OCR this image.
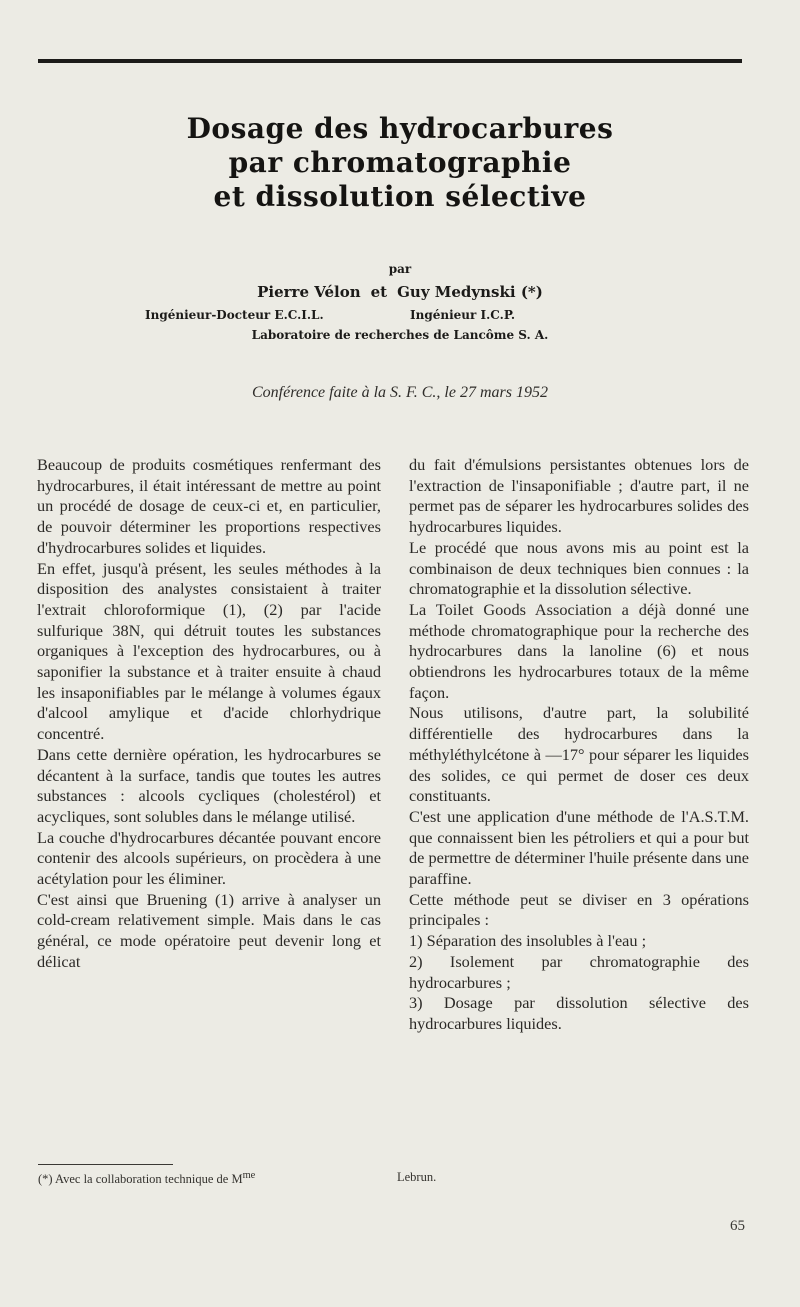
Dosage des hydrocarbures
par chromatographie
et dissolution sélective
par
Pierre Vélon et Guy Medynski (*)
Ingénieur-Docteur E.C.I.L.	Ingénieur I.C.P.
Laboratoire de recherches de Lancôme S. A.
Conférence faite à la S. F. C., le 27 mars 1952

Beaucoup de produits cosmétiques renfermant des hydrocarbures, il était intéressant de mettre au point un procédé de dosage de ceux-ci et, en particulier, de pouvoir déterminer les proportions respectives d'hydrocarbures solides et liquides.

En effet, jusqu'à présent, les seules méthodes à la disposition des analystes consistaient à traiter l'extrait chloroformique (1), (2) par l'acide sulfurique 38N, qui détruit toutes les substances organiques à l'exception des hydrocarbures, ou à saponifier la substance et à traiter ensuite à chaud les insaponifiables par le mélange à volumes égaux d'alcool amylique et d'acide chlorhydrique concentré.

Dans cette dernière opération, les hydrocarbures se décantent à la surface, tandis que toutes les autres substances : alcools cycliques (cholestérol) et acycliques, sont solubles dans le mélange utilisé.

La couche d'hydrocarbures décantée pouvant encore contenir des alcools supérieurs, on procèdera à une acétylation pour les éliminer.

C'est ainsi que Bruening (1) arrive à analyser un cold-cream relativement simple. Mais dans le cas général, ce mode opératoire peut devenir long et délicat

du fait d'émulsions persistantes obtenues lors de l'extraction de l'insaponifiable ; d'autre part, il ne permet pas de séparer les hydrocarbures solides des hydrocarbures liquides.

Le procédé que nous avons mis au point est la combinaison de deux techniques bien connues : la chromatographie et la dissolution sélective.

La Toilet Goods Association a déjà donné une méthode chromatographique pour la recherche des hydrocarbures dans la lanoline (6) et nous obtiendrons les hydrocarbures totaux de la même façon.

Nous utilisons, d'autre part, la solubilité différentielle des hydrocarbures dans la méthyléthylcétone à —17° pour séparer les liquides des solides, ce qui permet de doser ces deux constituants.

C'est une application d'une méthode de l'A.S.T.M. que connaissent bien les pétroliers et qui a pour but de permettre de déterminer l'huile présente dans une paraffine.

Cette méthode peut se diviser en 3 opérations principales :

1) Séparation des insolubles à l'eau ;

2) Isolement par chromatographie des hydrocarbures ;

3) Dosage par dissolution sélective des hydrocarbures liquides.

(*) Avec la collaboration technique de $M^{me}$	Lebrun.
65
